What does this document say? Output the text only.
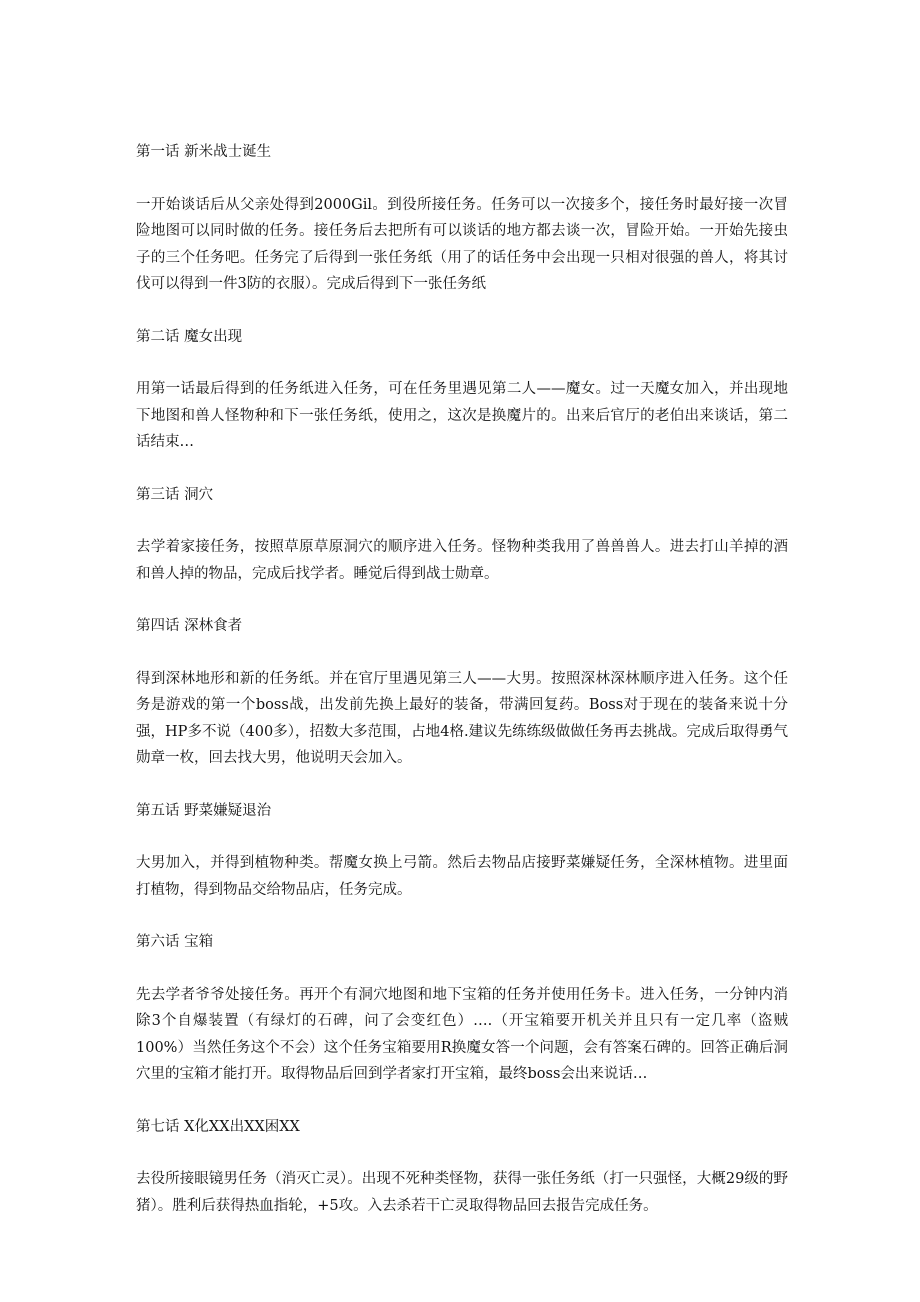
第一话 新米战士诞生

一开始谈话后从父亲处得到2000Gil。到役所接任务。任务可以一次接多个，接任务时最好接一次冒险地图可以同时做的任务。接任务后去把所有可以谈话的地方都去谈一次，冒险开始。一开始先接虫子的三个任务吧。任务完了后得到一张任务纸（用了的话任务中会出现一只相对很强的兽人，将其讨伐可以得到一件3防的衣服）。完成后得到下一张任务纸

第二话 魔女出现

用第一话最后得到的任务纸进入任务，可在任务里遇见第二人——魔女。过一天魔女加入，并出现地下地图和兽人怪物种和下一张任务纸，使用之，这次是换魔片的。出来后官厅的老伯出来谈话，第二话结束…

第三话 洞穴

去学着家接任务，按照草原草原洞穴的顺序进入任务。怪物种类我用了兽兽兽人。进去打山羊掉的酒和兽人掉的物品，完成后找学者。睡觉后得到战士勋章。

第四话 深林食者

得到深林地形和新的任务纸。并在官厅里遇见第三人——大男。按照深林深林顺序进入任务。这个任务是游戏的第一个boss战，出发前先换上最好的装备，带满回复药。Boss对于现在的装备来说十分强，HP多不说（400多），招数大多范围，占地4格.建议先练练级做做任务再去挑战。完成后取得勇气勋章一枚，回去找大男，他说明天会加入。

第五话 野菜嫌疑退治

大男加入，并得到植物种类。帮魔女换上弓箭。然后去物品店接野菜嫌疑任务，全深林植物。进里面打植物，得到物品交给物品店，任务完成。

第六话 宝箱

先去学者爷爷处接任务。再开个有洞穴地图和地下宝箱的任务并使用任务卡。进入任务，一分钟内消除3个自爆装置（有绿灯的石碑，问了会变红色）….（开宝箱要开机关并且只有一定几率（盗贼100%）当然任务这个不会）这个任务宝箱要用R换魔女答一个问题，会有答案石碑的。回答正确后洞穴里的宝箱才能打开。取得物品后回到学者家打开宝箱，最终boss会出来说话…

第七话 X化XX出XX困XX

去役所接眼镜男任务（消灭亡灵）。出现不死种类怪物，获得一张任务纸（打一只强怪，大概29级的野猪）。胜利后获得热血指轮，+5攻。入去杀若干亡灵取得物品回去报告完成任务。
